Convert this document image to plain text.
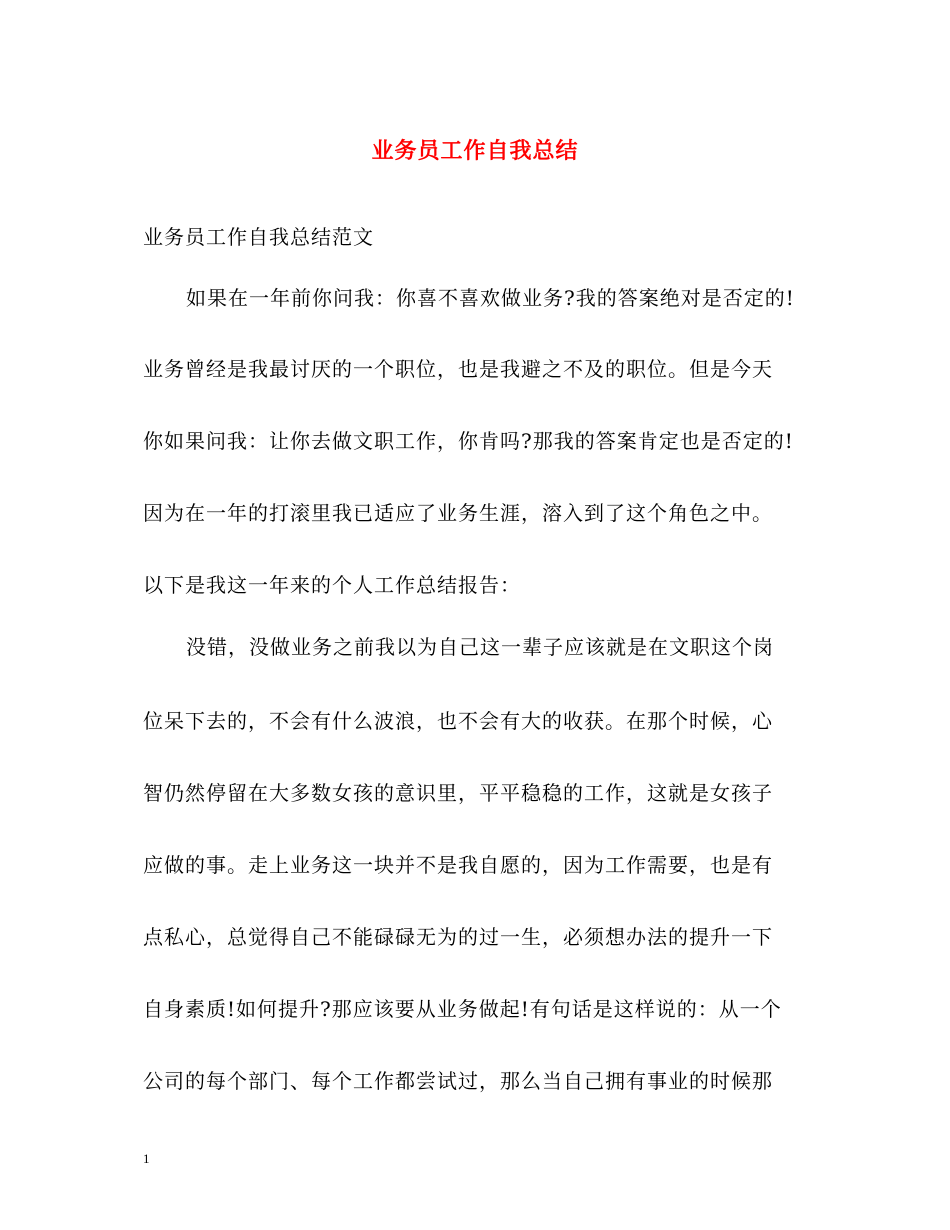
业务员工作自我总结
业务员工作自我总结范文
如果在一年前你问我：你喜不喜欢做业务?我的答案绝对是否定的!
业务曾经是我最讨厌的一个职位，也是我避之不及的职位。但是今天
你如果问我：让你去做文职工作，你肯吗?那我的答案肯定也是否定的!
因为在一年的打滚里我已适应了业务生涯，溶入到了这个角色之中。
以下是我这一年来的个人工作总结报告：
没错，没做业务之前我以为自己这一辈子应该就是在文职这个岗
位呆下去的，不会有什么波浪，也不会有大的收获。在那个时候，心
智仍然停留在大多数女孩的意识里，平平稳稳的工作，这就是女孩子
应做的事。走上业务这一块并不是我自愿的，因为工作需要，也是有
点私心，总觉得自己不能碌碌无为的过一生，必须想办法的提升一下
自身素质!如何提升?那应该要从业务做起!有句话是这样说的：从一个
公司的每个部门、每个工作都尝试过，那么当自己拥有事业的时候那
1
